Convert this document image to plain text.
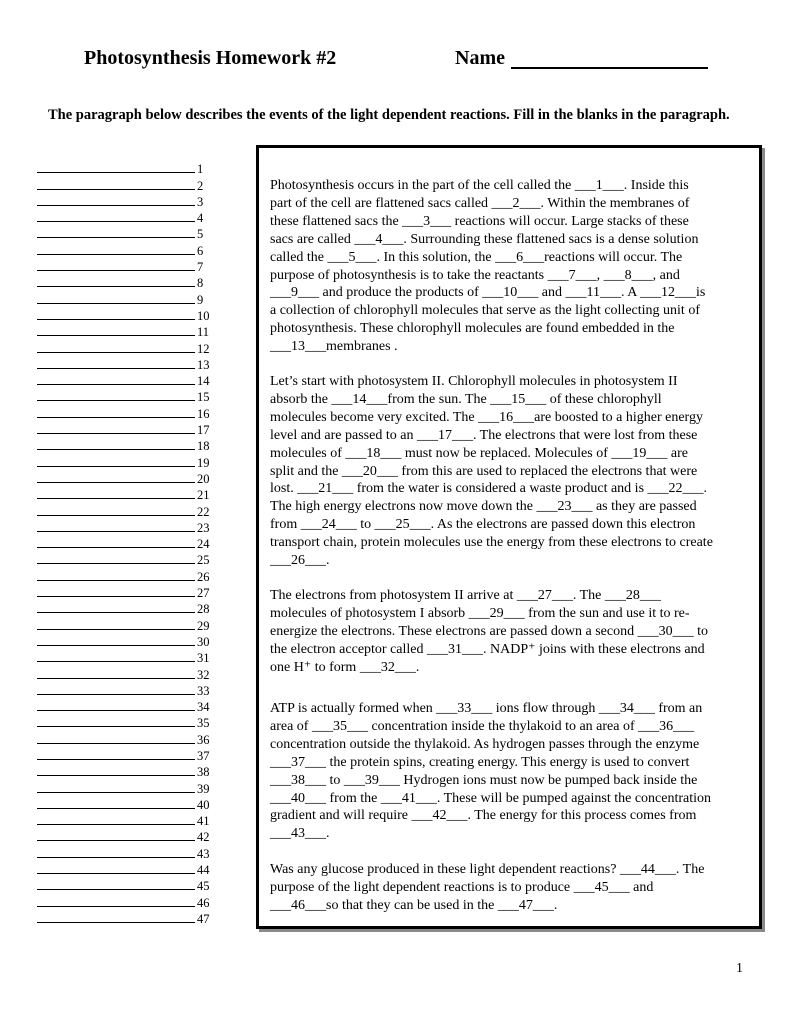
Photosynthesis Homework #2	Name
The paragraph below describes the events of the light dependent reactions. Fill in the blanks in the paragraph.
1
2
3
4
5
6
7
8
9
10
11
12
13
14
15
16
17
18
19
20
21
22
23
24
25
26
27
28
29
30
31
32
33
34
35
36
37
38
39
40
41
42
43
44
45
46
47
Photosynthesis occurs in the part of the cell called the ___1___. Inside this
part of the cell are flattened sacs called ___2___. Within the membranes of
these flattened sacs the ___3___ reactions will occur. Large stacks of these
sacs are called ___4___. Surrounding these flattened sacs is a dense solution
called the ___5___. In this solution, the ___6___reactions will occur. The
purpose of photosynthesis is to take the reactants ___7___, ___8___, and
___9___ and produce the products of ___10___ and ___11___. A ___12___is
a collection of chlorophyll molecules that serve as the light collecting unit of
photosynthesis. These chlorophyll molecules are found embedded in the
___13___membranes .
Let’s start with photosystem II. Chlorophyll molecules in photosystem II
absorb the ___14___from the sun. The ___15___ of these chlorophyll
molecules become very excited. The ___16___are boosted to a higher energy
level and are passed to an ___17___. The electrons that were lost from these
molecules of ___18___ must now be replaced. Molecules of ___19___ are
split and the ___20___ from this are used to replaced the electrons that were
lost. ___21___ from the water is considered a waste product and is ___22___.
The high energy electrons now move down the ___23___ as they are passed
from ___24___ to ___25___. As the electrons are passed down this electron
transport chain, protein molecules use the energy from these electrons to create
___26___.
The electrons from photosystem II arrive at ___27___. The ___28___
molecules of photosystem I absorb ___29___ from the sun and use it to re-
energize the electrons. These electrons are passed down a second ___30___ to
the electron acceptor called ___31___. NADP⁺ joins with these electrons and
one H⁺ to form ___32___.
ATP is actually formed when ___33___ ions flow through ___34___ from an
area of ___35___ concentration inside the thylakoid to an area of ___36___
concentration outside the thylakoid. As hydrogen passes through the enzyme
___37___ the protein spins, creating energy. This energy is used to convert
___38___ to ___39___ Hydrogen ions must now be pumped back inside the
___40___ from the ___41___. These will be pumped against the concentration
gradient and will require ___42___. The energy for this process comes from
___43___.
Was any glucose produced in these light dependent reactions? ___44___. The
purpose of the light dependent reactions is to produce ___45___ and
___46___so that they can be used in the ___47___.
1
